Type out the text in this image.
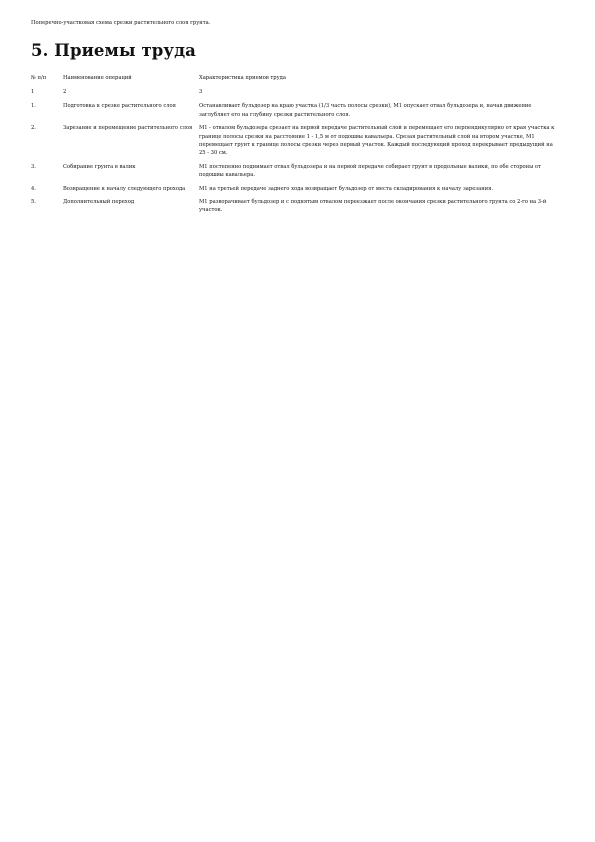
Поперечно-участковая схема срезки растительного слоя грунта.
5. Приемы труда
№ п/п	Наименование операций	Характеристика приемов труда
1	2	3
1.	Подготовка к срезке растительного слоя	Останавливает бульдозер на краю участка (1/3 часть полосы срезки), М1 опускает отвал бульдозера и, начав движение заглубляет его на глубину срезки растительного слоя.
2.	Зарезание и перемещение растительного слоя	М1 - отвалом бульдозера срезает на первой передаче растительный слой и перемещает его перпендикулярно от края участка к границе полосы срезки на расстояние 1 - 1,5 м от подошвы кавальера. Срезая растительный слой на втором участке, М1 перемещает грунт к границе полосы срезки через первый участок. Каждый последующий проход перекрывает предыдущий на 25 - 30 см.
3.	Собирание грунта в валик	М1 постепенно поднимает отвал бульдозера и на первой передаче собирает грунт в продольные валики, по обе стороны от подошвы кавальера.
4.	Возвращение к началу следующего прохода	М1 на третьей передаче заднего хода возвращает бульдозер от места складирования к началу зарезания.
5.	Дополнительный переход	М1 разворачивает бульдозер и с поднятым отвалом переезжает после окончания срезки растительного грунта со 2-го на 3-й участок.
